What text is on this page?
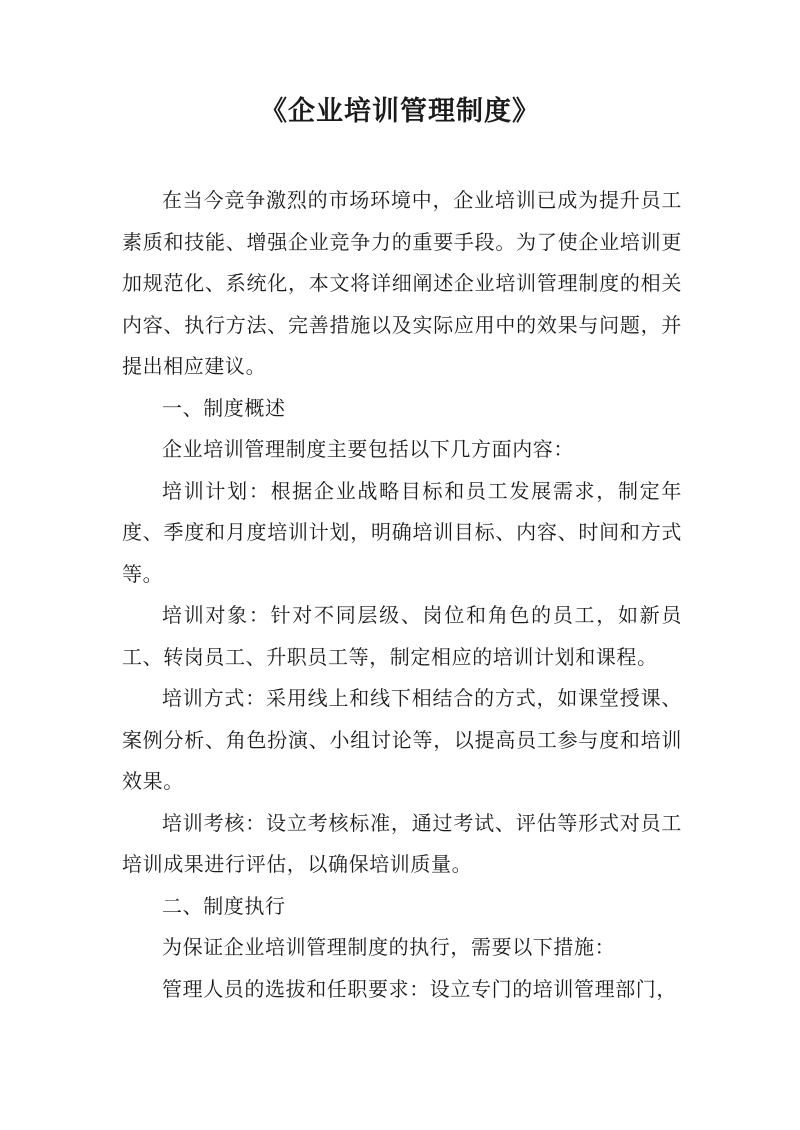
《企业培训管理制度》

在当今竞争激烈的市场环境中，企业培训已成为提升员工素质和技能、增强企业竞争力的重要手段。为了使企业培训更加规范化、系统化，本文将详细阐述企业培训管理制度的相关内容、执行方法、完善措施以及实际应用中的效果与问题，并提出相应建议。

一、制度概述

企业培训管理制度主要包括以下几方面内容：

培训计划：根据企业战略目标和员工发展需求，制定年度、季度和月度培训计划，明确培训目标、内容、时间和方式等。

培训对象：针对不同层级、岗位和角色的员工，如新员工、转岗员工、升职员工等，制定相应的培训计划和课程。

培训方式：采用线上和线下相结合的方式，如课堂授课、案例分析、角色扮演、小组讨论等，以提高员工参与度和培训效果。

培训考核：设立考核标准，通过考试、评估等形式对员工培训成果进行评估，以确保培训质量。

二、制度执行

为保证企业培训管理制度的执行，需要以下措施：

管理人员的选拔和任职要求：设立专门的培训管理部门，
